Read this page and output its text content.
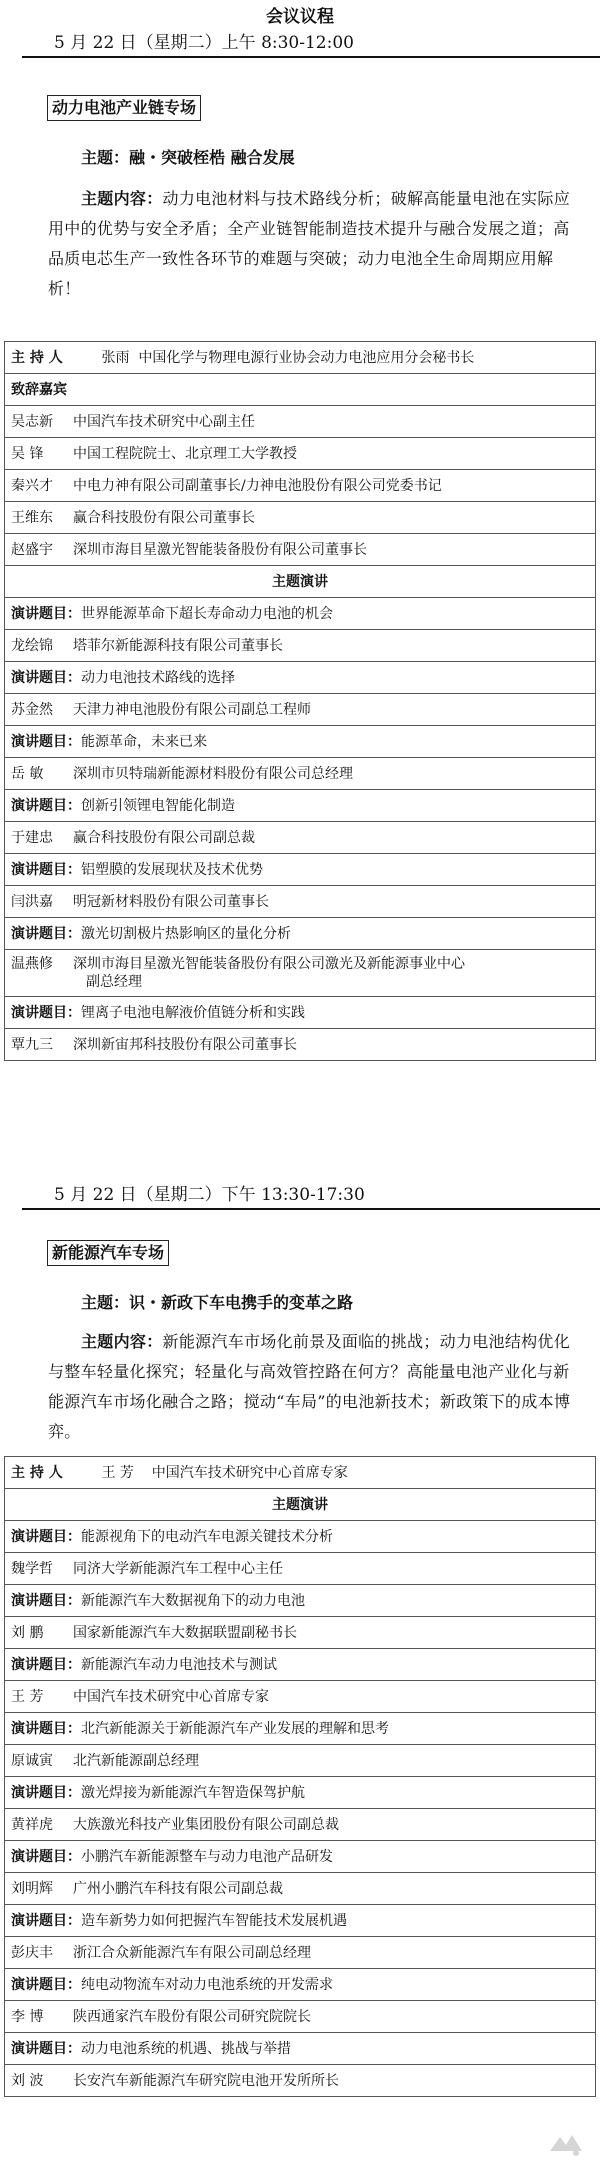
会议议程
5 月 22 日（星期二）上午 8:30-12:00
动力电池产业链专场
主题：融・突破桎梏 融合发展
主题内容：动力电池材料与技术路线分析；破解高能量电池在实际应用中的优势与安全矛盾；全产业链智能制造技术提升与融合发展之道；高品质电芯生产一致性各环节的难题与突破；动力电池全生命周期应用解析！
主 持 人	张雨 中国化学与物理电源行业协会动力电池应用分会秘书长
致辞嘉宾
吴志新 中国汽车技术研究中心副主任
吴 锋 中国工程院院士、北京理工大学教授
秦兴才 中电力神有限公司副董事长/力神电池股份有限公司党委书记
王维东 赢合科技股份有限公司董事长
赵盛宇 深圳市海目星激光智能装备股份有限公司董事长
主题演讲
演讲题目：世界能源革命下超长寿命动力电池的机会
龙绘锦 塔菲尔新能源科技有限公司董事长
演讲题目：动力电池技术路线的选择
苏金然 天津力神电池股份有限公司副总工程师
演讲题目：能源革命，未来已来
岳 敏 深圳市贝特瑞新能源材料股份有限公司总经理
演讲题目：创新引领锂电智能化制造
于建忠 赢合科技股份有限公司副总裁
演讲题目：铝塑膜的发展现状及技术优势
闫洪嘉 明冠新材料股份有限公司董事长
演讲题目：激光切割极片热影响区的量化分析
温燕修 深圳市海目星激光智能装备股份有限公司激光及新能源事业中心
副总经理
演讲题目：锂离子电池电解液价值链分析和实践
覃九三 深圳新宙邦科技股份有限公司董事长
5 月 22 日（星期二）下午 13:30-17:30
新能源汽车专场
主题：识・新政下车电携手的变革之路
主题内容：新能源汽车市场化前景及面临的挑战；动力电池结构优化与整车轻量化探究；轻量化与高效管控路在何方？高能量电池产业化与新能源汽车市场化融合之路；搅动“车局”的电池新技术；新政策下的成本博弈。
主 持 人	王 芳 中国汽车技术研究中心首席专家
主题演讲
演讲题目：能源视角下的电动汽车电源关键技术分析
魏学哲 同济大学新能源汽车工程中心主任
演讲题目：新能源汽车大数据视角下的动力电池
刘 鹏 国家新能源汽车大数据联盟副秘书长
演讲题目：新能源汽车动力电池技术与测试
王 芳 中国汽车技术研究中心首席专家
演讲题目：北汽新能源关于新能源汽车产业发展的理解和思考
原诚寅 北汽新能源副总经理
演讲题目：激光焊接为新能源汽车智造保驾护航
黄祥虎 大族激光科技产业集团股份有限公司副总裁
演讲题目：小鹏汽车新能源整车与动力电池产品研发
刘明辉 广州小鹏汽车科技有限公司副总裁
演讲题目：造车新势力如何把握汽车智能技术发展机遇
彭庆丰 浙江合众新能源汽车有限公司副总经理
演讲题目：纯电动物流车对动力电池系统的开发需求
李 博 陕西通家汽车股份有限公司研究院院长
演讲题目：动力电池系统的机遇、挑战与举措
刘 波 长安汽车新能源汽车研究院电池开发所所长
